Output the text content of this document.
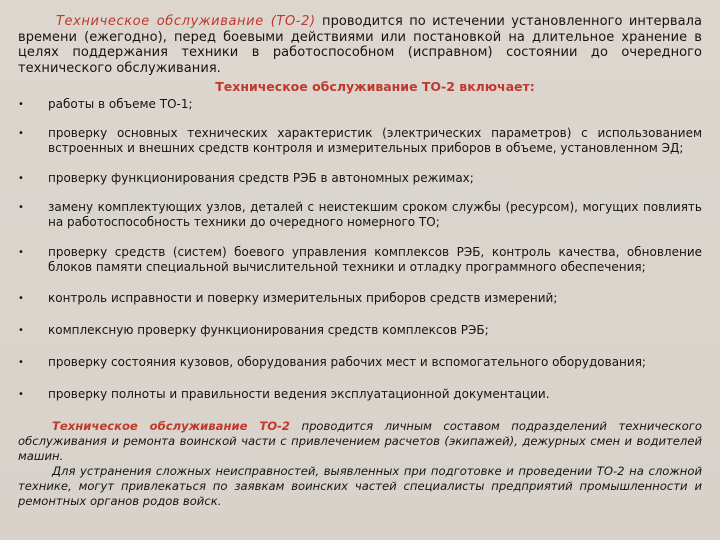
Техническое обслуживание (ТО-2) проводится по истечении установленного интервала времени (ежегодно), перед боевыми действиями или постановкой на длительное хранение в целях поддержания техники в работоспособном (исправном) состоянии до очередного технического обслуживания.

Техническое обслуживание ТО-2 включает:
•	работы в объеме ТО-1;
•	проверку основных технических характеристик (электрических параметров) с использованием встроенных и внешних средств контроля и измерительных приборов в объеме, установленном ЭД;
•	проверку функционирования средств РЭБ в автономных режимах;
•	замену комплектующих узлов, деталей с неистекшим сроком службы (ресурсом), могущих повлиять на работоспособность техники до очередного номерного ТО;
•	проверку средств (систем) боевого управления комплексов РЭБ, контроль качества, обновление блоков памяти специальной вычислительной техники и отладку программного обеспечения;
•	контроль исправности и поверку измерительных приборов средств измерений;
•	комплексную проверку функционирования средств комплексов РЭБ;
•	проверку состояния кузовов, оборудования рабочих мест и вспомогательного оборудования;
•	проверку полноты и правильности ведения эксплуатационной документации.

Техническое обслуживание ТО-2 проводится личным составом подразделений технического обслуживания и ремонта воинской части с привлечением расчетов (экипажей), дежурных смен и водителей машин.

Для устранения сложных неисправностей, выявленных при подготовке и проведении ТО-2 на сложной технике, могут привлекаться по заявкам воинских частей специалисты предприятий промышленности и ремонтных органов родов войск.
